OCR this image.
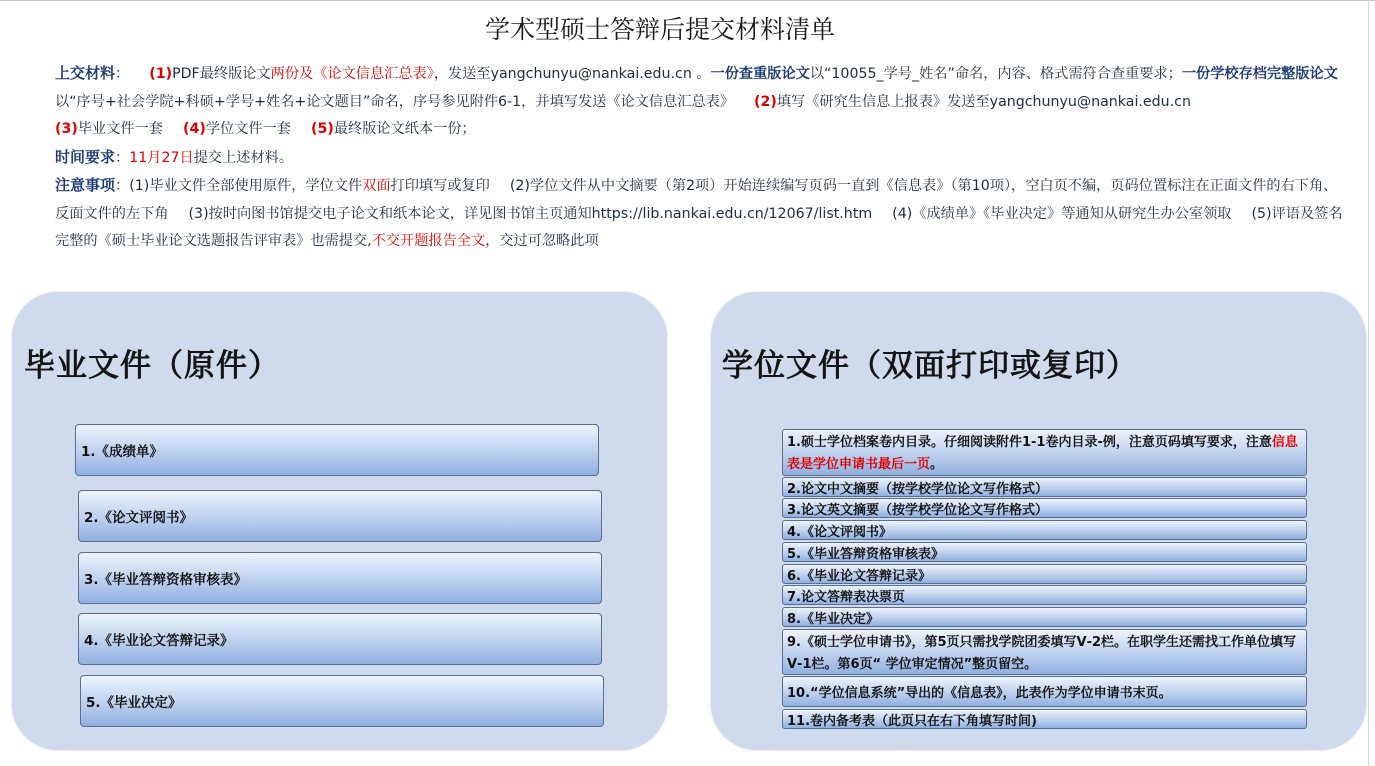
学术型硕士答辩后提交材料清单

上交材料： (1)PDF最终版论文两份及《论文信息汇总表》，发送至yangchunyu@nankai.edu.cn 。一份查重版论文以“10055_学号_姓名”命名，内容、格式需符合查重要求；一份学校存档完整版论文以“序号+社会学院+科硕+学号+姓名+论文题目”命名，序号参见附件6-1，并填写发送《论文信息汇总表》 (2)填写《研究生信息上报表》发送至yangchunyu@nankai.edu.cn

(3)毕业文件一套 (4)学位文件一套 (5)最终版论文纸本一份；

时间要求：11月27日提交上述材料。

注意事项：(1)毕业文件全部使用原件，学位文件双面打印填写或复印 (2)学位文件从中文摘要（第2项）开始连续编写页码一直到《信息表》（第10项），空白页不编，页码位置标注在正面文件的右下角、反面文件的左下角 (3)按时向图书馆提交电子论文和纸本论文，详见图书馆主页通知https://lib.nankai.edu.cn/12067/list.htm (4)《成绩单》《毕业决定》等通知从研究生办公室领取 (5)评语及签名完整的《硕士毕业论文选题报告评审表》也需提交,不交开题报告全文，交过可忽略此项

毕业文件（原件）
1.《成绩单》
2.《论文评阅书》
3.《毕业答辩资格审核表》
4.《毕业论文答辩记录》
5.《毕业决定》
学位文件（双面打印或复印）
1.硕士学位档案卷内目录。仔细阅读附件1-1卷内目录-例，注意页码填写要求，注意信息表是学位申请书最后一页。
2.论文中文摘要（按学校学位论文写作格式）
3.论文英文摘要（按学校学位论文写作格式）
4.《论文评阅书》
5.《毕业答辩资格审核表》
6.《毕业论文答辩记录》
7.论文答辩表决票页
8.《毕业决定》
9.《硕士学位申请书》，第5页只需找学院团委填写Ⅴ-2栏。在职学生还需找工作单位填写Ⅴ-1栏。第6页“ 学位审定情况”整页留空。
10.“学位信息系统”导出的《信息表》，此表作为学位申请书末页。
11.卷内备考表（此页只在右下角填写时间)
